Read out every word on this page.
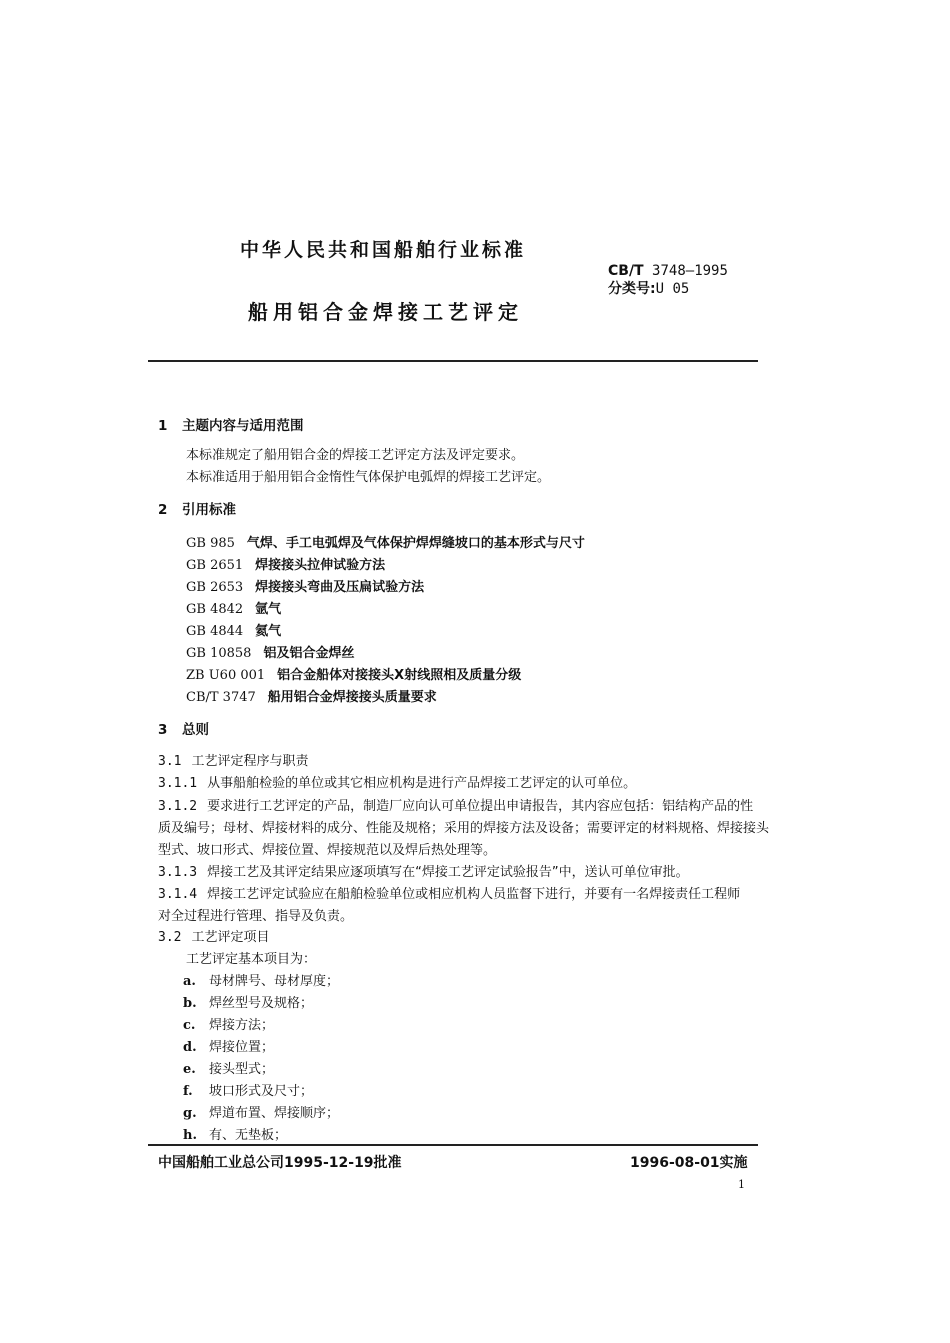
中华人民共和国船舶行业标准
CB/T 3748—1995
分类号:U 05
船用铝合金焊接工艺评定
1 主题内容与适用范围
本标准规定了船用铝合金的焊接工艺评定方法及评定要求。
本标准适用于船用铝合金惰性气体保护电弧焊的焊接工艺评定。
2 引用标准
GB 985 气焊、手工电弧焊及气体保护焊焊缝坡口的基本形式与尺寸
GB 2651 焊接接头拉伸试验方法
GB 2653 焊接接头弯曲及压扁试验方法
GB 4842 氩气
GB 4844 氦气
GB 10858 铝及铝合金焊丝
ZB U60 001 铝合金船体对接接头X射线照相及质量分级
CB/T 3747 船用铝合金焊接接头质量要求
3 总则
3.1 工艺评定程序与职责
3.1.1 从事船舶检验的单位或其它相应机构是进行产品焊接工艺评定的认可单位。
3.1.2 要求进行工艺评定的产品，制造厂应向认可单位提出申请报告，其内容应包括：铝结构产品的性
质及编号；母材、焊接材料的成分、性能及规格；采用的焊接方法及设备；需要评定的材料规格、焊接接头
型式、坡口形式、焊接位置、焊接规范以及焊后热处理等。
3.1.3 焊接工艺及其评定结果应逐项填写在“焊接工艺评定试验报告”中，送认可单位审批。
3.1.4 焊接工艺评定试验应在船舶检验单位或相应机构人员监督下进行，并要有一名焊接责任工程师
对全过程进行管理、指导及负责。
3.2 工艺评定项目
工艺评定基本项目为：
a. 母材牌号、母材厚度；
b. 焊丝型号及规格；
c. 焊接方法；
d. 焊接位置；
e. 接头型式；
f. 坡口形式及尺寸；
g. 焊道布置、焊接顺序；
h. 有、无垫板；
中国船舶工业总公司1995-12-19批准	1996-08-01实施
1
